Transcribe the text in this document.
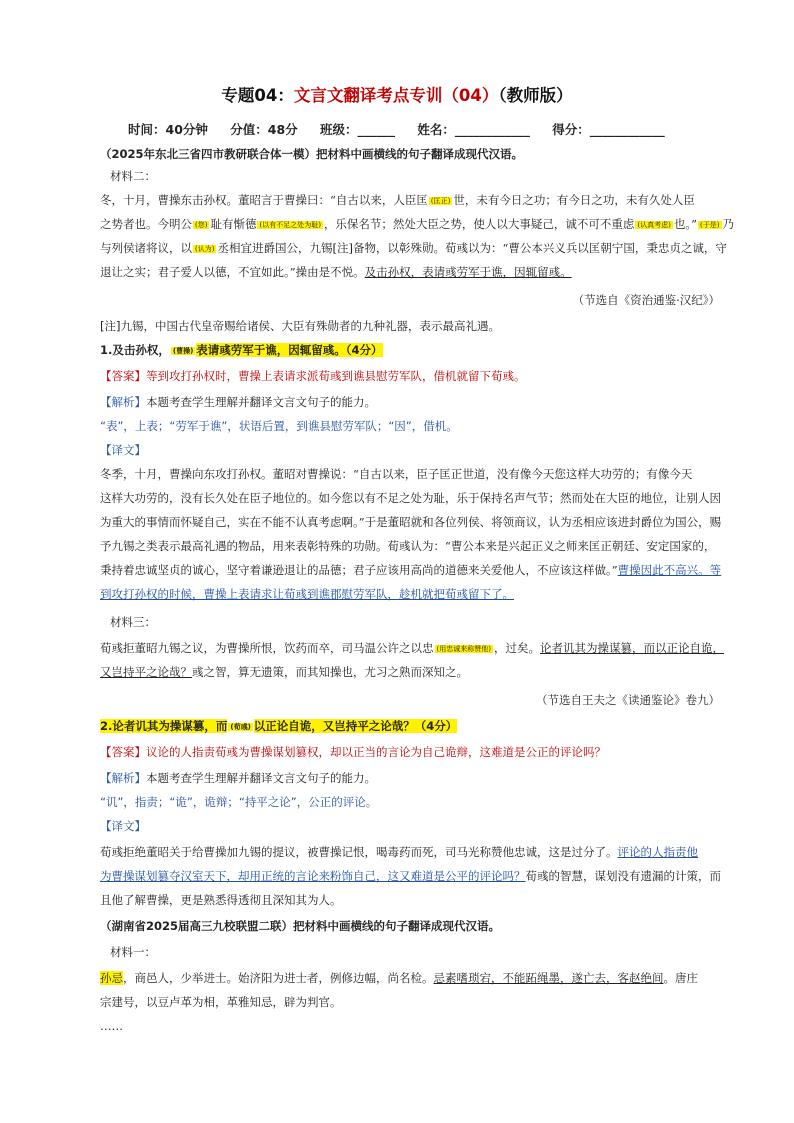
专题04：文言文翻译考点专训（04）（教师版）
时间：40分钟 分值：48分 班级：______ 姓名：____________ 得分：____________
（2025年东北三省四市教研联合体一模）把材料中画横线的句子翻译成现代汉语。
材料二：
冬，十月，曹操东击孙权。董昭言于曹操曰：“自古以来，人臣匡 (匡正) 世，未有今日之功；有今日之功，未有久处人臣
之势者也。今明公 (您) 耻有惭德 (以有不足之处为耻) ，乐保名节；然处大臣之势，使人以大事疑己，诚不可不重虑 (认真考虑) 也。” (于是) 乃
与列侯诸将议，以 (认为) 丞相宜进爵国公，九锡[注]备物，以彰殊勋。荀彧以为：“曹公本兴义兵以匡朝宁国，秉忠贞之诚，守
退让之实；君子爱人以德，不宜如此。”操由是不悦。及击孙权，表请彧劳军于谯，因辄留彧。
（节选自《资治通鉴·汉纪》）
[注]九锡，中国古代皇帝赐给诸侯、大臣有殊勋者的九种礼器，表示最高礼遇。
1.及击孙权， (曹操) 表请彧劳军于谯，因辄留彧。（4分）
【答案】等到攻打孙权时，曹操上表请求派荀彧到谯县慰劳军队，借机就留下荀彧。
【解析】本题考查学生理解并翻译文言文句子的能力。
“表”，上表；“劳军于谯”，状语后置，到谯县慰劳军队；“因”，借机。
【译文】
冬季，十月，曹操向东攻打孙权。董昭对曹操说：“自古以来，臣子匡正世道，没有像今天您这样大功劳的；有像今天
这样大功劳的，没有长久处在臣子地位的。如今您以有不足之处为耻，乐于保持名声气节；然而处在大臣的地位，让别人因
为重大的事情而怀疑自己，实在不能不认真考虑啊。”于是董昭就和各位列侯、将领商议，认为丞相应该进封爵位为国公，赐
予九锡之类表示最高礼遇的物品，用来表彰特殊的功勋。荀彧认为：“曹公本来是兴起正义之师来匡正朝廷、安定国家的，
秉持着忠诚坚贞的诚心，坚守着谦逊退让的品德；君子应该用高尚的道德来关爱他人，不应该这样做。”曹操因此不高兴。等
到攻打孙权的时候，曹操上表请求让荀彧到谯郡慰劳军队，趁机就把荀彧留下了。
材料三：
荀彧拒董昭九锡之议，为曹操所恨，饮药而卒，司马温公许之以忠 (用忠诚来称赞他) ，过矣。论者讥其为操谋篡，而以正论自诡，
又岂持平之论哉？彧之智，算无遗策，而其知操也，尤习之熟而深知之。
（节选自王夫之《读通鉴论》卷九）
2.论者讥其为操谋篡，而 (荀彧) 以正论自诡，又岂持平之论哉？（4分）
【答案】议论的人指责荀彧为曹操谋划篡权，却以正当的言论为自己诡辩，这难道是公正的评论吗？
【解析】本题考查学生理解并翻译文言文句子的能力。
“讥”，指责；“诡”，诡辩；“持平之论”，公正的评论。
【译文】
荀彧拒绝董昭关于给曹操加九锡的提议，被曹操记恨，喝毒药而死，司马光称赞他忠诚，这是过分了。评论的人指责他
为曹操谋划篡夺汉室天下，却用正统的言论来粉饰自己，这又难道是公平的评论吗？荀彧的智慧，谋划没有遗漏的计策，而
且他了解曹操，更是熟悉得透彻且深知其为人。
（湖南省2025届高三九校联盟二联）把材料中画横线的句子翻译成现代汉语。
材料一：
孙忌，商邑人，少举进士。始济阳为进士者，例修边幅，尚名检。忌素嗜琐宕，不能跖绳墨，遂亡去，客赵绝间。唐庄
宗建号，以豆卢革为相，革雅知忌，辟为判官。
……
